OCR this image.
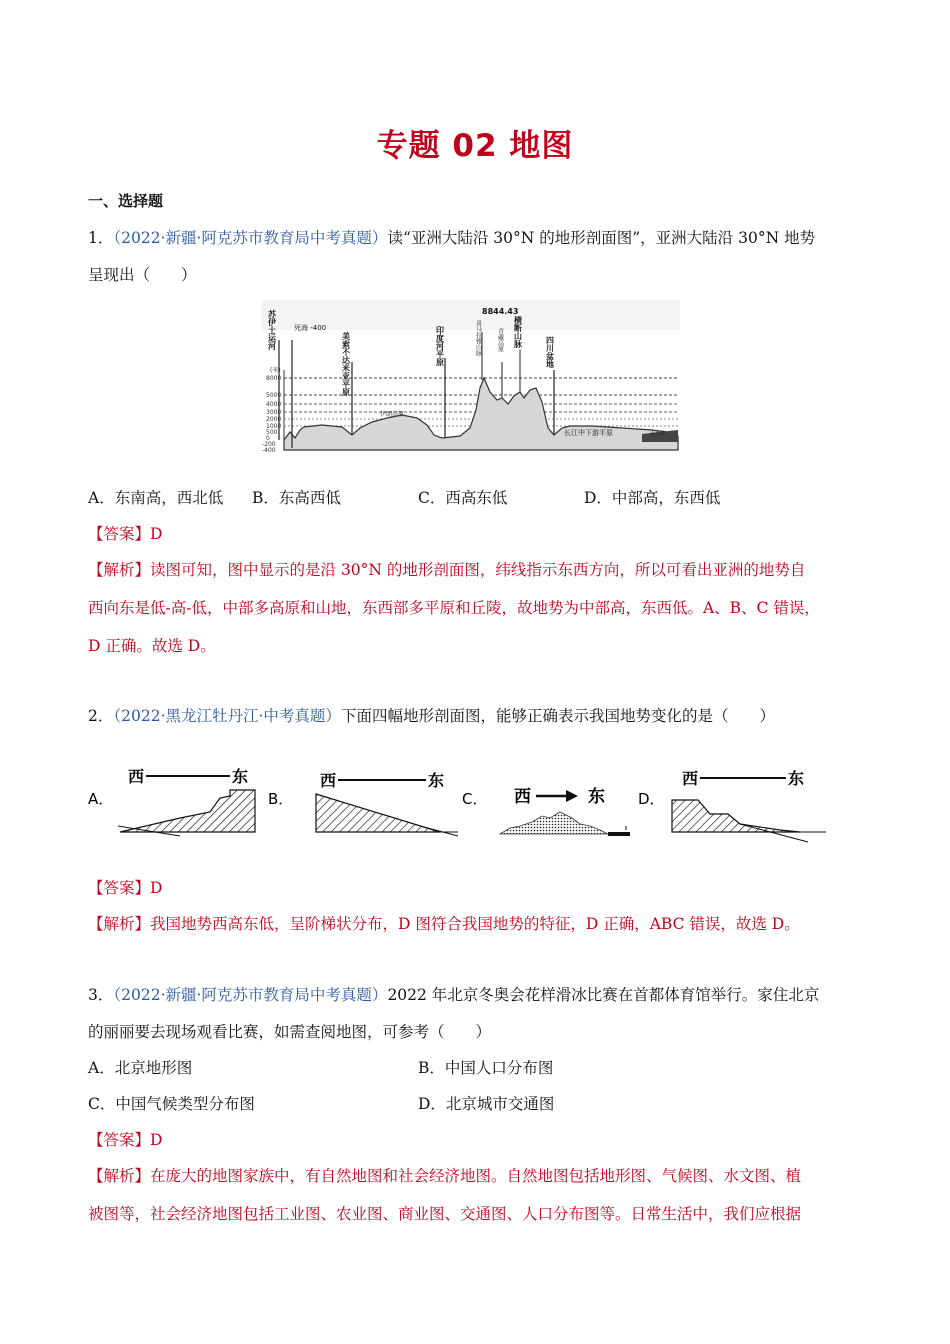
专题 02 地图
一、选择题
1．（2022·新疆·阿克苏市教育局中考真题）读“亚洲大陆沿 30°N 的地形剖面图”，亚洲大陆沿 30°N 地势
呈现出（　　）
(米)
8000
5000
4000
3000
2000
1000
500
0
-200
-400
苏伊士运河	死海 -400
美索不达米亚平原
伊朗高原
印度河平原
8844.43
喜马拉雅山脉	青藏高原 横断山脉
四川盆地
长江中下游平原	太平洋
A．东南高，西北低 B．东高西低	C．西高东低	D．中部高，东西低
【答案】D
【解析】读图可知，图中显示的是沿 30°N 的地形剖面图，纬线指示东西方向，所以可看出亚洲的地势自
西向东是低-高-低，中部多高原和山地，东西部多平原和丘陵，故地势为中部高，东西低。A、B、C 错误，
D 正确。故选 D。
2．（2022·黑龙江牡丹江·中考真题）下面四幅地形剖面图，能够正确表示我国地势变化的是（　　）
A．
西	东
B．
西	东
C． 西	东 D．
西	东
【答案】D
【解析】我国地势西高东低，呈阶梯状分布，D 图符合我国地势的特征，D 正确，ABC 错误，故选 D。
3．（2022·新疆·阿克苏市教育局中考真题）2022 年北京冬奥会花样滑冰比赛在首都体育馆举行。家住北京
的丽丽要去现场观看比赛，如需查阅地图，可参考（　　）
A．北京地形图	B．中国人口分布图
C．中国气候类型分布图	D．北京城市交通图
【答案】D
【解析】在庞大的地图家族中，有自然地图和社会经济地图。自然地图包括地形图、气候图、水文图、植
被图等，社会经济地图包括工业图、农业图、商业图、交通图、人口分布图等。日常生活中，我们应根据
